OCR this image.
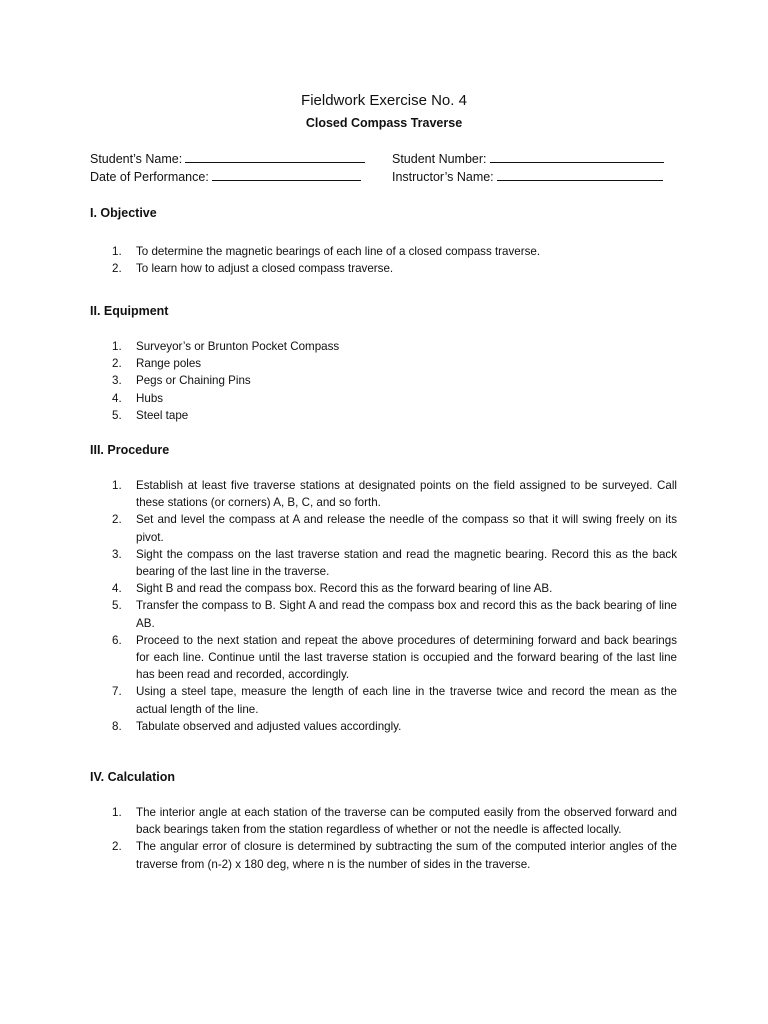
Fieldwork Exercise No. 4
Closed Compass Traverse
Student’s Name:	Student Number:
Date of Performance:	Instructor’s Name:
I. Objective
1. To determine the magnetic bearings of each line of a closed compass traverse.
2. To learn how to adjust a closed compass traverse.
II. Equipment
1. Surveyor’s or Brunton Pocket Compass
2. Range poles
3. Pegs or Chaining Pins
4. Hubs
5. Steel tape
III. Procedure
1. Establish at least five traverse stations at designated points on the field assigned to be surveyed. Call these stations (or corners) A, B, C, and so forth.
2. Set and level the compass at A and release the needle of the compass so that it will swing freely on its pivot.
3. Sight the compass on the last traverse station and read the magnetic bearing. Record this as the back bearing of the last line in the traverse.
4. Sight B and read the compass box. Record this as the forward bearing of line AB.
5. Transfer the compass to B. Sight A and read the compass box and record this as the back bearing of line AB.
6. Proceed to the next station and repeat the above procedures of determining forward and back bearings for each line. Continue until the last traverse station is occupied and the forward bearing of the last line has been read and recorded, accordingly.
7. Using a steel tape, measure the length of each line in the traverse twice and record the mean as the actual length of the line.
8. Tabulate observed and adjusted values accordingly.
IV. Calculation
1. The interior angle at each station of the traverse can be computed easily from the observed forward and back bearings taken from the station regardless of whether or not the needle is affected locally.
2. The angular error of closure is determined by subtracting the sum of the computed interior angles of the traverse from (n-2) x 180 deg, where n is the number of sides in the traverse.
